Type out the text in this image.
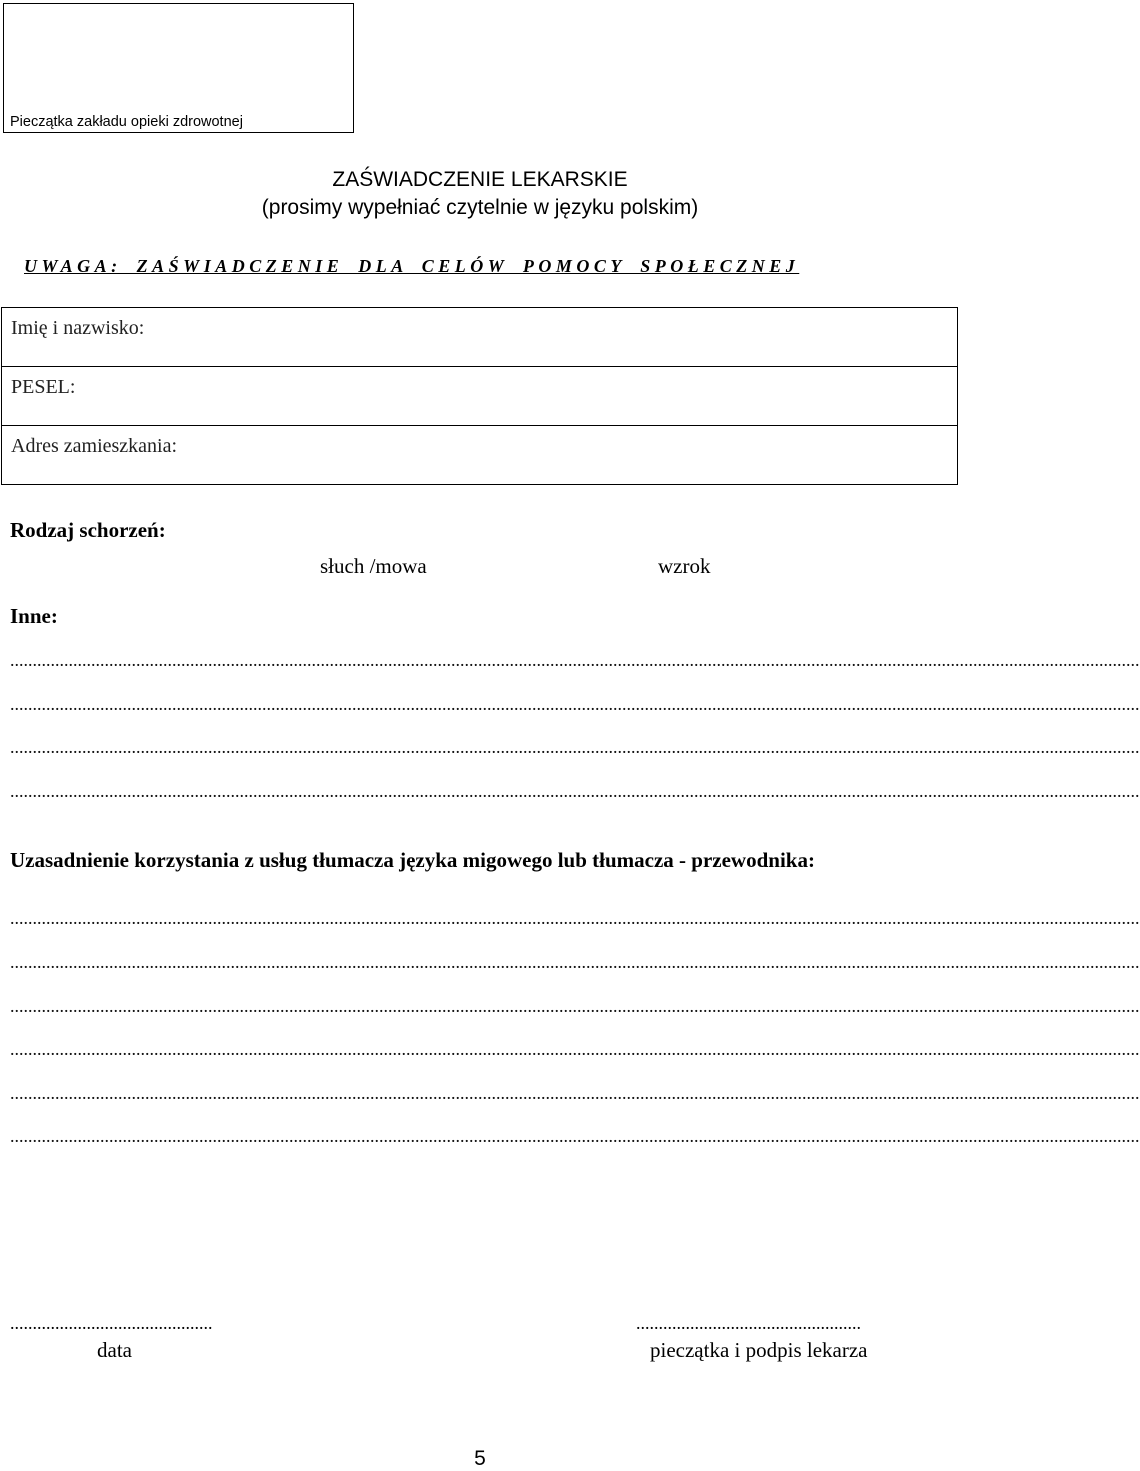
Pieczątka zakładu opieki zdrowotnej
ZAŚWIADCZENIE LEKARSKIE
(prosimy wypełniać czytelnie w języku polskim)
UWAGA: ZAŚWIADCZENIE DLA CELÓW POMOCY SPOŁECZNEJ
Imię i nazwisko:
PESEL:
Adres zamieszkania:
Rodzaj schorzeń:
słuch /mowa	wzrok
Inne:
...........................................................................................................................................................................................................................................................
...........................................................................................................................................................................................................................................................
...........................................................................................................................................................................................................................................................
...........................................................................................................................................................................................................................................................
Uzasadnienie korzystania z usług tłumacza języka migowego lub tłumacza - przewodnika:
...........................................................................................................................................................................................................................................................
...........................................................................................................................................................................................................................................................
...........................................................................................................................................................................................................................................................
...........................................................................................................................................................................................................................................................
...........................................................................................................................................................................................................................................................
...........................................................................................................................................................................................................................................................
.............................................	..................................................
data	pieczątka i podpis lekarza
5
